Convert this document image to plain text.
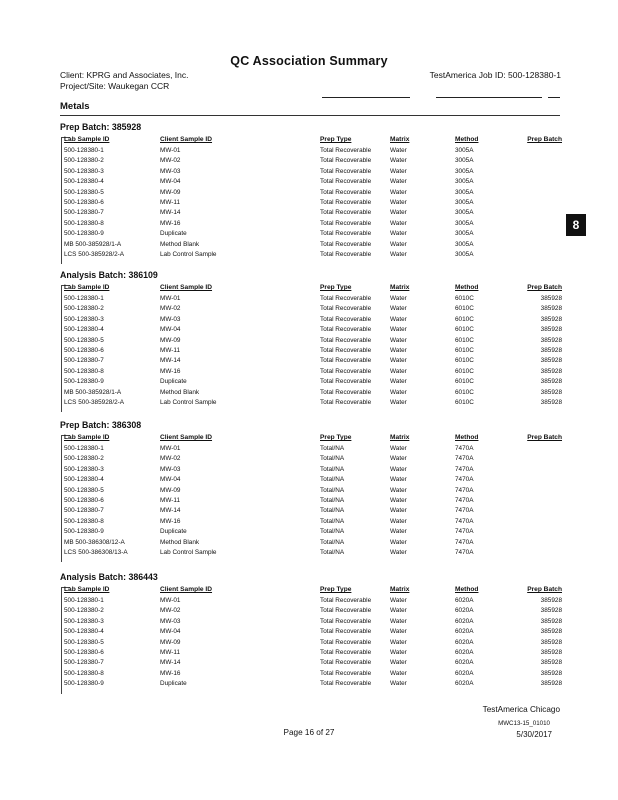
QC Association Summary
Client: KPRG and Associates, Inc.
Project/Site: Waukegan CCR
TestAmerica Job ID: 500-128380-1
Metals
8
Prep Batch: 385928
Lab Sample ID	Client Sample ID	Prep Type	Matrix	Method	Prep Batch
500-128380-1	MW-01	Total Recoverable	Water	3005A
500-128380-2	MW-02	Total Recoverable	Water	3005A
500-128380-3	MW-03	Total Recoverable	Water	3005A
500-128380-4	MW-04	Total Recoverable	Water	3005A
500-128380-5	MW-09	Total Recoverable	Water	3005A
500-128380-6	MW-11	Total Recoverable	Water	3005A
500-128380-7	MW-14	Total Recoverable	Water	3005A
500-128380-8	MW-16	Total Recoverable	Water	3005A
500-128380-9	Duplicate	Total Recoverable	Water	3005A
MB 500-385928/1-A	Method Blank	Total Recoverable	Water	3005A
LCS 500-385928/2-A	Lab Control Sample	Total Recoverable	Water	3005A
Analysis Batch: 386109
Lab Sample ID	Client Sample ID	Prep Type	Matrix	Method	Prep Batch
500-128380-1	MW-01	Total Recoverable	Water	6010C	385928
500-128380-2	MW-02	Total Recoverable	Water	6010C	385928
500-128380-3	MW-03	Total Recoverable	Water	6010C	385928
500-128380-4	MW-04	Total Recoverable	Water	6010C	385928
500-128380-5	MW-09	Total Recoverable	Water	6010C	385928
500-128380-6	MW-11	Total Recoverable	Water	6010C	385928
500-128380-7	MW-14	Total Recoverable	Water	6010C	385928
500-128380-8	MW-16	Total Recoverable	Water	6010C	385928
500-128380-9	Duplicate	Total Recoverable	Water	6010C	385928
MB 500-385928/1-A	Method Blank	Total Recoverable	Water	6010C	385928
LCS 500-385928/2-A	Lab Control Sample	Total Recoverable	Water	6010C	385928
Prep Batch: 386308
Lab Sample ID	Client Sample ID	Prep Type	Matrix	Method	Prep Batch
500-128380-1	MW-01	Total/NA	Water	7470A
500-128380-2	MW-02	Total/NA	Water	7470A
500-128380-3	MW-03	Total/NA	Water	7470A
500-128380-4	MW-04	Total/NA	Water	7470A
500-128380-5	MW-09	Total/NA	Water	7470A
500-128380-6	MW-11	Total/NA	Water	7470A
500-128380-7	MW-14	Total/NA	Water	7470A
500-128380-8	MW-16	Total/NA	Water	7470A
500-128380-9	Duplicate	Total/NA	Water	7470A
MB 500-386308/12-A	Method Blank	Total/NA	Water	7470A
LCS 500-386308/13-A	Lab Control Sample	Total/NA	Water	7470A
Analysis Batch: 386443
Lab Sample ID	Client Sample ID	Prep Type	Matrix	Method	Prep Batch
500-128380-1	MW-01	Total Recoverable	Water	6020A	385928
500-128380-2	MW-02	Total Recoverable	Water	6020A	385928
500-128380-3	MW-03	Total Recoverable	Water	6020A	385928
500-128380-4	MW-04	Total Recoverable	Water	6020A	385928
500-128380-5	MW-09	Total Recoverable	Water	6020A	385928
500-128380-6	MW-11	Total Recoverable	Water	6020A	385928
500-128380-7	MW-14	Total Recoverable	Water	6020A	385928
500-128380-8	MW-16	Total Recoverable	Water	6020A	385928
500-128380-9	Duplicate	Total Recoverable	Water	6020A	385928
TestAmerica Chicago
MWC13-15_01010
Page 16 of 27	5/30/2017
